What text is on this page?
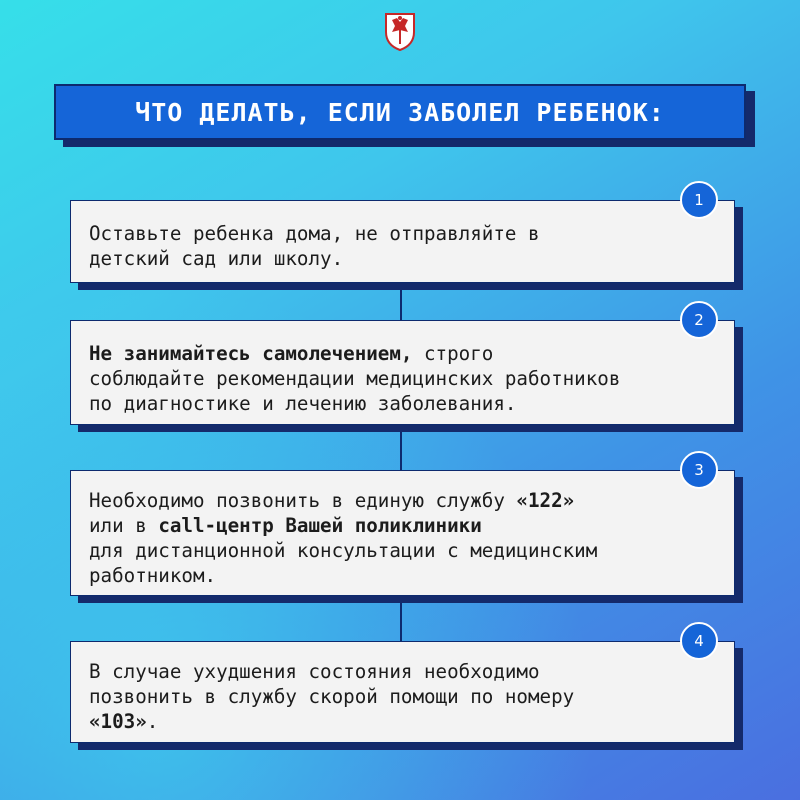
ЧТО ДЕЛАТЬ, ЕСЛИ ЗАБОЛЕЛ РЕБЕНОК:
Оставьте ребенка дома, не отправляйте в
детский сад или школу.
1
Не занимайтесь самолечением, строго
соблюдайте рекомендации медицинских работников
по диагностике и лечению заболевания.
2
Необходимо позвонить в единую службу «122»
или в call-центр Вашей поликлиники
для дистанционной консультации с медицинским
работником.
3
В случае ухудшения состояния необходимо
позвонить в службу скорой помощи по номеру
«103».
4
